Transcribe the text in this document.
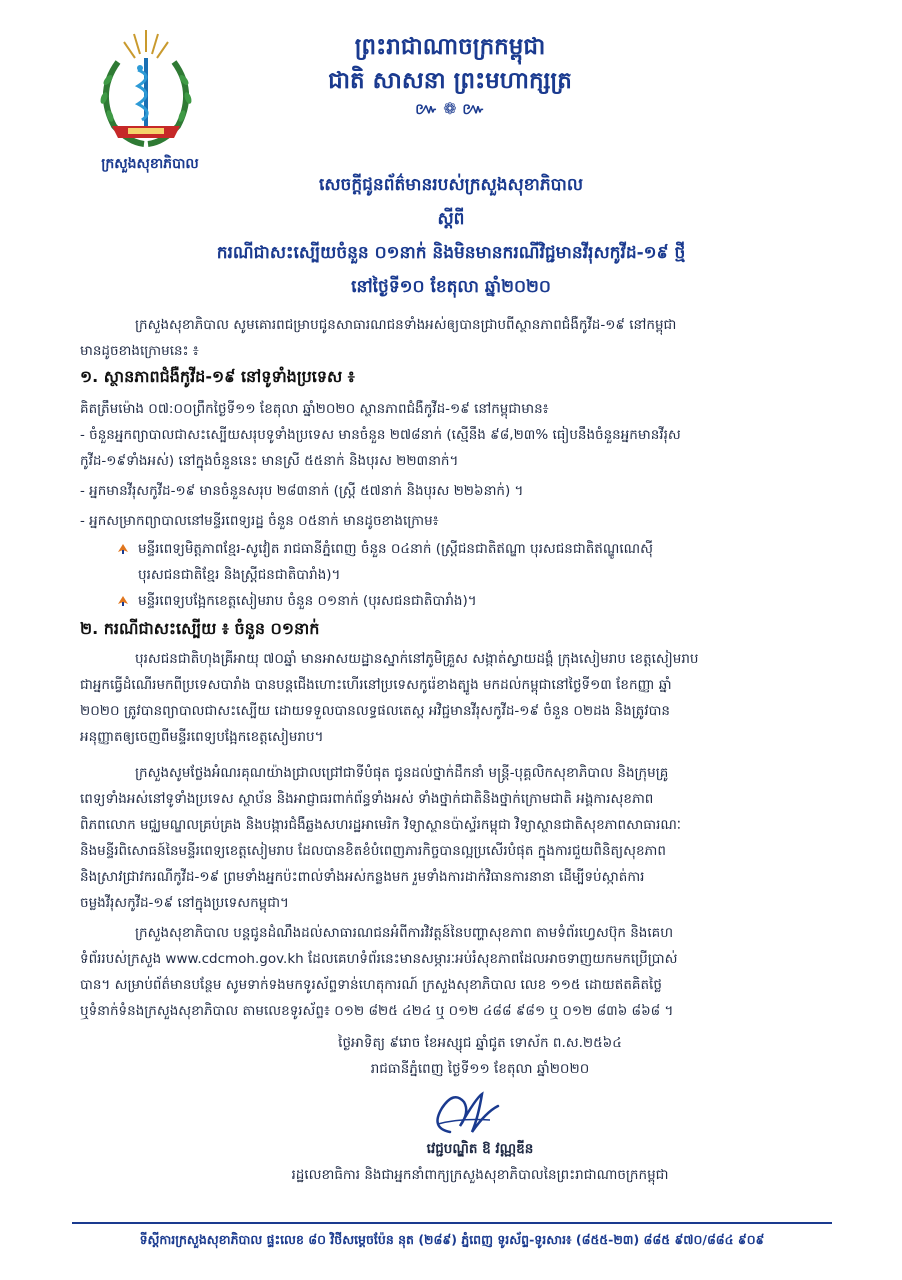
ក្រសួងសុខាភិបាល
ព្រះរាជាណាចក្រកម្ពុជា
ជាតិ សាសនា ព្រះមហាក្សត្រ
៚ ❁ ៚
សេចក្តីជូនព័ត៌មានរបស់ក្រសួងសុខាភិបាល
ស្តីពី
ករណីជាសះស្បើយចំនួន ០១នាក់ និងមិនមានករណីវិជ្ជមានវីរុសកូវីដ-១៩ ថ្មី
នៅថ្ងៃទី១០ ខែតុលា ឆ្នាំ២០២០
ក្រសួងសុខាភិបាល សូមគោរពជម្រាបជូនសាធារណជនទាំងអស់ឲ្យបានជ្រាបពីស្ថានភាពជំងឺកូវីដ-១៩ នៅកម្ពុជា
មានដូចខាងក្រោមនេះ ៖
១. ស្ថានភាពជំងឺកូវីដ-១៩ នៅទូទាំងប្រទេស ៖
គិតត្រឹមម៉ោង ០៧:០០ព្រឹកថ្ងៃទី១១ ខែតុលា ឆ្នាំ២០២០ ស្ថានភាពជំងឺកូវីដ-១៩ នៅកម្ពុជាមាន៖
- ចំនួនអ្នកព្យាបាលជាសះស្បើយសរុបទូទាំងប្រទេស មានចំនួន ២៧៨នាក់ (ស្មើនឹង ៩៨,២៣% ធៀបនឹងចំនួនអ្នកមានវីរុស
កូវីដ-១៩ទាំងអស់) នៅក្នុងចំនួននេះ មានស្រី ៥៥នាក់ និងបុរស ២២៣នាក់។
- អ្នកមានវីរុសកូវីដ-១៩ មានចំនួនសរុប ២៨៣នាក់ (ស្ត្រី ៥៧នាក់ និងបុរស ២២៦នាក់) ។
- អ្នកសម្រាកព្យាបាលនៅមន្ទីរពេទ្យរដ្ឋ ចំនួន ០៥នាក់ មានដូចខាងក្រោម៖
មន្ទីរពេទ្យមិត្តភាពខ្មែរ-សូវៀត រាជធានីភ្នំពេញ ចំនួន ០៤នាក់ (ស្ត្រីជនជាតិឥណ្ឌា បុរសជនជាតិឥណ្ឌូណេស៊ី
បុរសជនជាតិខ្មែរ និងស្ត្រីជនជាតិបារាំង)។
មន្ទីរពេទ្យបង្អែកខេត្តសៀមរាប ចំនួន ០១នាក់ (បុរសជនជាតិបារាំង)។
២. ករណីជាសះស្បើយ ៖ ចំនួន ០១នាក់
បុរសជនជាតិហុងគ្រីអាយុ ៧០ឆ្នាំ មានអាសយដ្ឋានស្នាក់នៅភូមិគ្រួស សង្កាត់ស្វាយដង្គំ ក្រុងសៀមរាប ខេត្តសៀមរាប
ជាអ្នកធ្វើដំណើរមកពីប្រទេសបារាំង បានបន្តជើងហោះហើរនៅប្រទេសកូរ៉េខាងត្បូង មកដល់កម្ពុជានៅថ្ងៃទី១៣ ខែកញ្ញា ឆ្នាំ
២០២០ ត្រូវបានព្យាបាលជាសះស្បើយ ដោយទទួលបានលទ្ធផលតេស្ត អវិជ្ជមានវីរុសកូវីដ-១៩ ចំនួន ០២ដង និងត្រូវបាន
អនុញ្ញាតឲ្យចេញពីមន្ទីរពេទ្យបង្អែកខេត្តសៀមរាប។
ក្រសួងសូមថ្លែងអំណរគុណយ៉ាងជ្រាលជ្រៅជាទីបំផុត ជូនដល់ថ្នាក់ដឹកនាំ មន្ត្រី-បុគ្គលិកសុខាភិបាល និងក្រុមគ្រូ
ពេទ្យទាំងអស់នៅទូទាំងប្រទេស ស្ថាប័ន និងអាជ្ញាធរពាក់ព័ន្ធទាំងអស់ ទាំងថ្នាក់ជាតិនិងថ្នាក់ក្រោមជាតិ អង្គការសុខភាព
ពិភពលោក មជ្ឈមណ្ឌលគ្រប់គ្រង និងបង្ការជំងឺឆ្លងសហរដ្ឋអាមេរិក វិទ្យាស្ថានប៉ាស្ទ័រកម្ពុជា វិទ្យាស្ថានជាតិសុខភាពសាធារណៈ
និងមន្ទីរពិសោធន៍នៃមន្ទីរពេទ្យខេត្តសៀមរាប ដែលបានខិតខំបំពេញភារកិច្ចបានល្អប្រសើរបំផុត ក្នុងការជួយពិនិត្យសុខភាព
និងស្រាវជ្រាវករណីកូវីដ-១៩ ព្រមទាំងអ្នកប៉ះពាល់ទាំងអស់កន្លងមក រួមទាំងការដាក់វិធានការនានា ដើម្បីទប់ស្កាត់ការ
ចម្លងវីរុសកូវីដ-១៩ នៅក្នុងប្រទេសកម្ពុជា។
ក្រសួងសុខាភិបាល បន្តជូនដំណឹងដល់សាធារណជនអំពីការវិវត្តន៍នៃបញ្ហាសុខភាព តាមទំព័រហ្វេសប៊ុក និងគេហ
ទំព័ររបស់ក្រសួង www.cdcmoh.gov.kh ដែលគេហទំព័រនេះមានសម្ភារៈអប់រំសុខភាពដែលអាចទាញយកមកប្រើប្រាស់
បាន។ សម្រាប់ព័ត៌មានបន្ថែម សូមទាក់ទងមកទូរស័ព្ទទាន់ហេតុការណ៍ ក្រសួងសុខាភិបាល លេខ ១១៥ ដោយឥតគិតថ្លៃ
ឬទំនាក់ទំនងក្រសួងសុខាភិបាល តាមលេខទូរស័ព្ទ៖ ០១២ ៨២៥ ៤២៤ ឬ ០១២ ៤៨៨ ៩៨១ ឬ ០១២ ៨៣៦ ៨៦៨ ។
ថ្ងៃអាទិត្យ ៩រោច ខែអស្សុជ ឆ្នាំជូត ទោស័ក ព.ស.២៥៦៤
រាជធានីភ្នំពេញ ថ្ងៃទី១១ ខែតុលា ឆ្នាំ២០២០
វេជ្ជបណ្ឌិត ឱ វណ្ណឌីន
រដ្ឋលេខាធិការ និងជាអ្នកនាំពាក្យក្រសួងសុខាភិបាលនៃព្រះរាជាណាចក្រកម្ពុជា
ទីស្តីការក្រសួងសុខាភិបាល ផ្ទះលេខ ៨០ វិថីសម្តេចប៉ែន នុត (២៨៩) ភ្នំពេញ ទូរស័ព្ទ-ទូរសារ៖ (៨៥៥-២៣) ៨៨៥ ៩៧០/៨៨៤ ៩០៩
